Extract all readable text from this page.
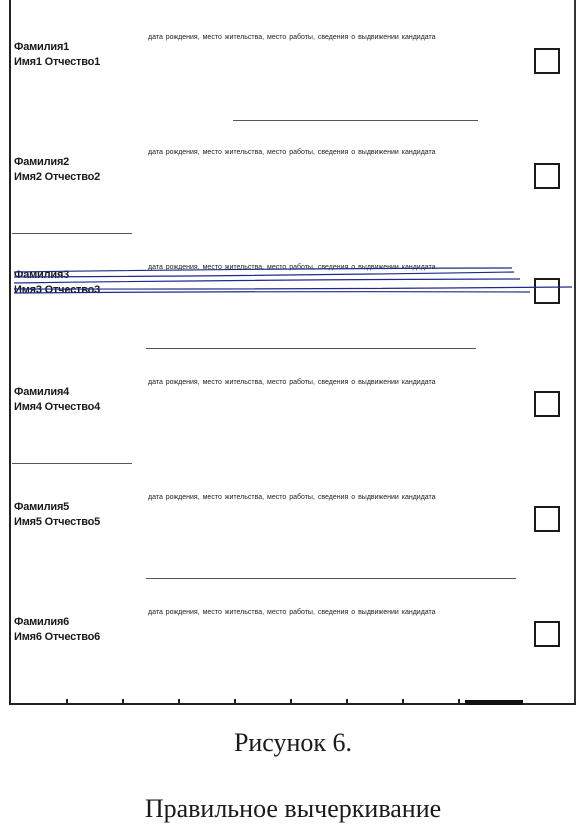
Фамилия1
Имя1 Отчество1
дата рождения, место жительства, место работы, сведения о выдвижении кандидата
Фамилия2
Имя2 Отчество2
дата рождения, место жительства, место работы, сведения о выдвижении кандидата
Фамилия3
Имя3 Отчество3
дата рождения, место жительства, место работы, сведения о выдвижении кандидата
Фамилия4
Имя4 Отчество4
дата рождения, место жительства, место работы, сведения о выдвижении кандидата
Фамилия5
Имя5 Отчество5
дата рождения, место жительства, место работы, сведения о выдвижении кандидата
Фамилия6
Имя6 Отчество6
дата рождения, место жительства, место работы, сведения о выдвижении кандидата
Рисунок 6.
Правильное вычеркивание
